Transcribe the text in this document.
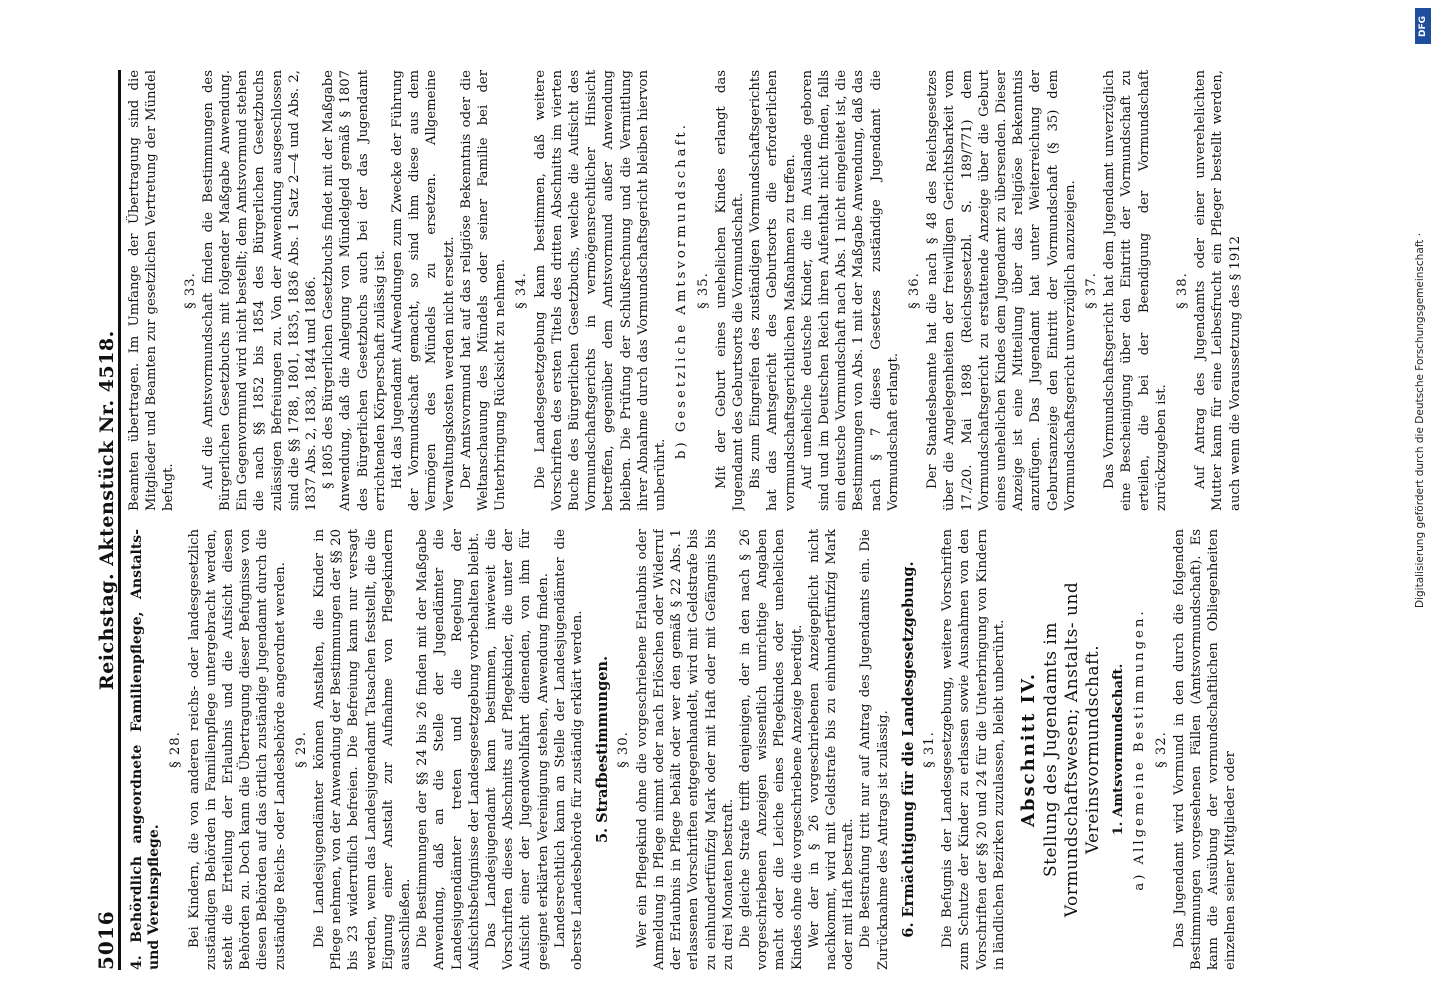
5016
Reichstag. Aktenstück Nr. 4518.

4. Behördlich angeordnete Familienpflege, Anstalts- und Vereinspflege.

§ 28. Bei Kindern, die von anderen reichs- oder landesgesetzlich zuständigen Behörden in Familienpflege untergebracht werden, steht die Erteilung der Erlaubnis und die Aufsicht diesen Behörden zu. Doch kann die Übertragung dieser Befugnisse von diesen Behörden auf das örtlich zuständige Jugendamt durch die zuständige Reichs- oder Landesbehörde angeordnet werden. § 29. Die Landesjugendämter können Anstalten, die Kinder in Pflege nehmen, von der Anwendung der Bestimmungen der §§ 20 bis 23 widerruflich befreien. Die Befreiung kann nur versagt werden, wenn das Landesjugendamt Tatsachen feststellt, die die Eignung einer Anstalt zur Aufnahme von Pflegekindern ausschließen. Die Bestimmungen der §§ 24 bis 26 finden mit der Maßgabe Anwendung, daß an die Stelle der Jugendämter die Landesjugendämter treten und die Regelung der Aufsichtsbefugnisse der Landesgesetzgebung vorbehalten bleibt. Das Landesjugendamt kann bestimmen, inwieweit die Vorschriften dieses Abschnitts auf Pflegekinder, die unter der Aufsicht einer der Jugendwohlfahrt dienenden, von ihm für geeignet erklärten Vereinigung stehen, Anwendung finden. Landesrechtlich kann an Stelle der Landesjugendämter die oberste Landesbehörde für zuständig erklärt werden. 5. Strafbestimmungen. § 30. Wer ein Pflegekind ohne die vorgeschriebene Erlaubnis oder Anmeldung in Pflege nimmt oder nach Erlöschen oder Widerruf der Erlaubnis in Pflege behält oder wer den gemäß § 22 Abs. 1 erlassenen Vorschriften entgegenhandelt, wird mit Geldstrafe bis zu einhundertfünfzig Mark oder mit Haft oder mit Gefängnis bis zu drei Monaten bestraft. Die gleiche Strafe trifft denjenigen, der in den nach § 26 vorgeschriebenen Anzeigen wissentlich unrichtige Angaben macht oder die Leiche eines Pflegekindes oder unehelichen Kindes ohne die vorgeschriebene Anzeige beerdigt. Wer der in § 26 vorgeschriebenen Anzeigepflicht nicht nachkommt, wird mit Geldstrafe bis zu einhundertfünfzig Mark oder mit Haft bestraft. Die Bestrafung tritt nur auf Antrag des Jugendamts ein. Die Zurücknahme des Antrags ist zulässig. 6. Ermächtigung für die Landesgesetzgebung. § 31. Die Befugnis der Landesgesetzgebung, weitere Vorschriften zum Schutze der Kinder zu erlassen sowie Ausnahmen von den Vorschriften der §§ 20 und 24 für die Unterbringung von Kindern in ländlichen Bezirken zuzulassen, bleibt unberührt. Abschnitt IV. Stellung des Jugendamts im Vormundschaftswesen; Anstalts- und Vereinsvormundschaft. 1. Amtsvormundschaft. a) Allgemeine Bestimmungen. § 32. Das Jugendamt wird Vormund in den durch die folgenden Bestimmungen vorgesehenen Fällen (Amtsvormundschaft). Es kann die Ausübung der vormundschaftlichen Obliegenheiten einzelnen seiner Mitglieder oder

Beamten übertragen. Im Umfange der Übertragung sind die Mitglieder und Beamten zur gesetzlichen Vertretung der Mündel befugt.

§ 33. Auf die Amtsvormundschaft finden die Bestimmungen des Bürgerlichen Gesetzbuchs mit folgender Maßgabe Anwendung. Ein Gegenvormund wird nicht bestellt; dem Amtsvormund stehen die nach §§ 1852 bis 1854 des Bürgerlichen Gesetzbuchs zulässigen Befreiungen zu. Von der Anwendung ausgeschlossen sind die §§ 1788, 1801, 1835, 1836 Abs. 1 Satz 2—4 und Abs. 2, 1837 Abs. 2, 1838, 1844 und 1886. § 1805 des Bürgerlichen Gesetzbuchs findet mit der Maßgabe Anwendung, daß die Anlegung von Mündelgeld gemäß § 1807 des Bürgerlichen Gesetzbuchs auch bei der das Jugendamt errichtenden Körperschaft zulässig ist. Hat das Jugendamt Aufwendungen zum Zwecke der Führung der Vormundschaft gemacht, so sind ihm diese aus dem Vermögen des Mündels zu ersetzen. Allgemeine Verwaltungskosten werden nicht ersetzt. Der Amtsvormund hat auf das religiöse Bekenntnis oder die Weltanschauung des Mündels oder seiner Familie bei der Unterbringung Rücksicht zu nehmen. § 34. Die Landesgesetzgebung kann bestimmen, daß weitere Vorschriften des ersten Titels des dritten Abschnitts im vierten Buche des Bürgerlichen Gesetzbuchs, welche die Aufsicht des Vormundschaftsgerichts in vermögensrechtlicher Hinsicht betreffen, gegenüber dem Amtsvormund außer Anwendung bleiben. Die Prüfung der Schlußrechnung und die Vermittlung ihrer Abnahme durch das Vormundschaftsgericht bleiben hiervon unberührt.

b) Gesetzliche Amtsvormundschaft. § 35. Mit der Geburt eines unehelichen Kindes erlangt das Jugendamt des Geburtsorts die Vormundschaft. Bis zum Eingreifen des zuständigen Vormundschaftsgerichts hat das Amtsgericht des Geburtsorts die erforderlichen vormundschaftsgerichtlichen Maßnahmen zu treffen. Auf uneheliche deutsche Kinder, die im Auslande geboren sind und im Deutschen Reich ihren Aufenthalt nicht finden, falls ein deutsche Vormundschaft nach Abs. 1 nicht eingeleitet ist, die Bestimmungen von Abs. 1 mit der Maßgabe Anwendung, daß das nach § 7 dieses Gesetzes zuständige Jugendamt die Vormundschaft erlangt.

§ 36. Der Standesbeamte hat die nach § 48 des Reichsgesetzes über die Angelegenheiten der freiwilligen Gerichtsbarkeit vom 17./20. Mai 1898 (Reichsgesetzbl. S. 189/771) dem Vormundschaftsgericht zu erstattende Anzeige über die Geburt eines unehelichen Kindes dem Jugendamt zu übersenden. Dieser Anzeige ist eine Mitteilung über das religiöse Bekenntnis anzufügen. Das Jugendamt hat unter Weiterreichung der Geburtsanzeige den Eintritt der Vormundschaft (§ 35) dem Vormundschaftsgericht unverzüglich anzuzeigen. § 37. Das Vormundschaftsgericht hat dem Jugendamt unverzüglich eine Bescheinigung über den Eintritt der Vormundschaft zu erteilen, die bei der Beendigung der Vormundschaft zurückzugeben ist.

§ 38. Auf Antrag des Jugendamts oder einer unverehelichten Mutter kann für eine Leibesfrucht ein Pfleger bestellt werden, auch wenn die Voraussetzung des § 1912

DFG
Digitalisierung gefördert durch die Deutsche Forschungsgemeinschaft ·
